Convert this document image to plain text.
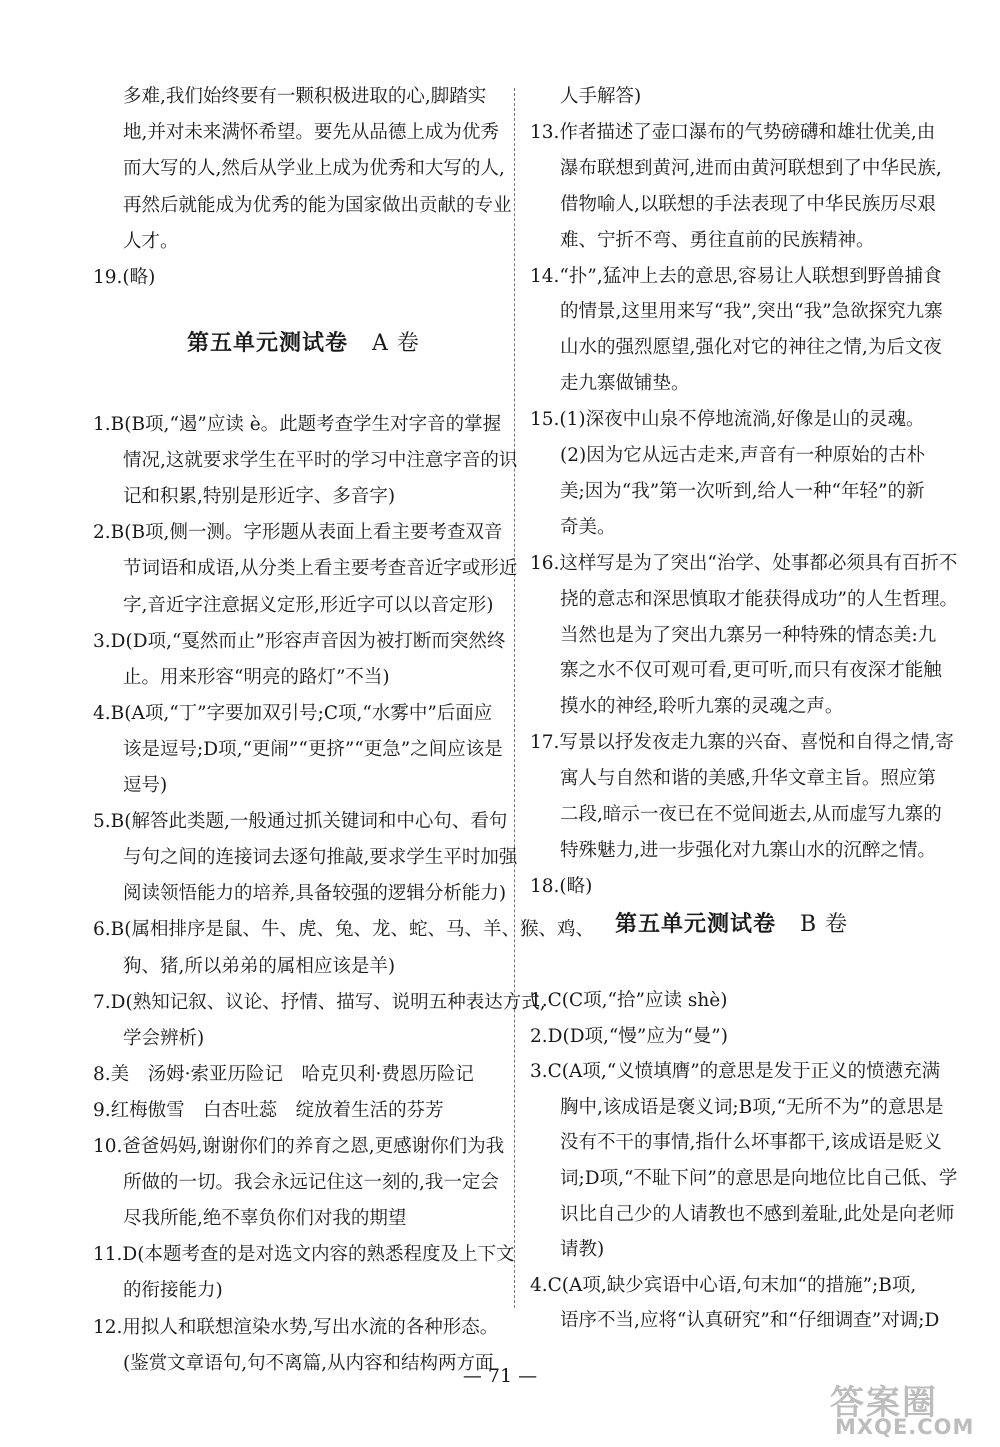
多难,我们始终要有一颗积极进取的心,脚踏实
地,并对未来满怀希望。要先从品德上成为优秀
而大写的人,然后从学业上成为优秀和大写的人,
再然后就能成为优秀的能为国家做出贡献的专业
人才。
19.(略)
1.B(B项,“遏”应读 è。此题考查学生对字音的掌握
情况,这就要求学生在平时的学习中注意字音的识
记和积累,特别是形近字、多音字)
2.B(B项,侧一测。字形题从表面上看主要考查双音
节词语和成语,从分类上看主要考查音近字或形近
字,音近字注意据义定形,形近字可以以音定形)
3.D(D项,“戛然而止”形容声音因为被打断而突然终
止。用来形容“明亮的路灯”不当)
4.B(A项,“丁”字要加双引号;C项,“水雾中”后面应
该是逗号;D项,“更闹”“更挤”“更急”之间应该是
逗号)
5.B(解答此类题,一般通过抓关键词和中心句、看句
与句之间的连接词去逐句推敲,要求学生平时加强
阅读领悟能力的培养,具备较强的逻辑分析能力)
6.B(属相排序是鼠、牛、虎、兔、龙、蛇、马、羊、猴、鸡、
狗、猪,所以弟弟的属相应该是羊)
7.D(熟知记叙、议论、抒情、描写、说明五种表达方式,
学会辨析)
8.美　汤姆·索亚历险记　哈克贝利·费恩历险记
9.红梅傲雪　白杏吐蕊　绽放着生活的芬芳
10.爸爸妈妈,谢谢你们的养育之恩,更感谢你们为我
所做的一切。我会永远记住这一刻的,我一定会
尽我所能,绝不辜负你们对我的期望
11.D(本题考查的是对选文内容的熟悉程度及上下文
的衔接能力)
12.用拟人和联想渲染水势,写出水流的各种形态。
(鉴赏文章语句,句不离篇,从内容和结构两方面
人手解答)
13.作者描述了壶口瀑布的气势磅礴和雄壮优美,由
瀑布联想到黄河,进而由黄河联想到了中华民族,
借物喻人,以联想的手法表现了中华民族历尽艰
难、宁折不弯、勇往直前的民族精神。
14.“扑”,猛冲上去的意思,容易让人联想到野兽捕食
的情景,这里用来写“我”,突出“我”急欲探究九寨
山水的强烈愿望,强化对它的神往之情,为后文夜
走九寨做铺垫。
15.(1)深夜中山泉不停地流淌,好像是山的灵魂。
(2)因为它从远古走来,声音有一种原始的古朴
美;因为“我”第一次听到,给人一种“年轻”的新
奇美。
16.这样写是为了突出“治学、处事都必须具有百折不
挠的意志和深思慎取才能获得成功”的人生哲理。
当然也是为了突出九寨另一种特殊的情态美:九
寨之水不仅可观可看,更可听,而只有夜深才能触
摸水的神经,聆听九寨的灵魂之声。
17.写景以抒发夜走九寨的兴奋、喜悦和自得之情,寄
寓人与自然和谐的美感,升华文章主旨。照应第
二段,暗示一夜已在不觉间逝去,从而虚写九寨的
特殊魅力,进一步强化对九寨山水的沉醉之情。
18.(略)
1.C(C项,“拾”应读 shè)
2.D(D项,“慢”应为“曼”)
3.C(A项,“义愤填膺”的意思是发于正义的愤懑充满
胸中,该成语是褒义词;B项,“无所不为”的意思是
没有不干的事情,指什么坏事都干,该成语是贬义
词;D项,“不耻下问”的意思是向地位比自己低、学
识比自己少的人请教也不感到羞耻,此处是向老师
请教)
4.C(A项,缺少宾语中心语,句末加“的措施”;B项,
语序不当,应将“认真研究”和“仔细调查”对调;D
第五单元测试卷 A 卷
第五单元测试卷 B 卷
— 71 —
答案圈
MXQE.COM
